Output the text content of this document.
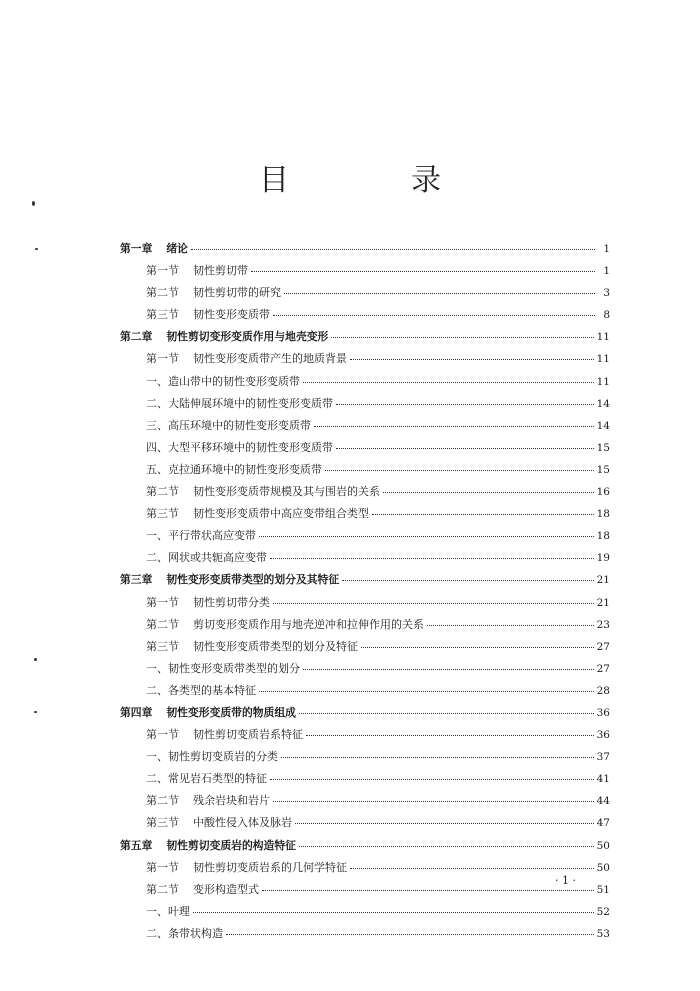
目　录
第一章 绪论	1
第一节 韧性剪切带	1
第二节 韧性剪切带的研究	3
第三节 韧性变形变质带	8
第二章 韧性剪切变形变质作用与地壳变形	11
第一节 韧性变形变质带产生的地质背景	11
一、造山带中的韧性变形变质带	11
二、大陆伸展环境中的韧性变形变质带	14
三、高压环境中的韧性变形变质带	14
四、大型平移环境中的韧性变形变质带	15
五、克拉通环境中的韧性变形变质带	15
第二节 韧性变形变质带规模及其与围岩的关系	16
第三节 韧性变形变质带中高应变带组合类型	18
一、平行带状高应变带	18
二、网状或共轭高应变带	19
第三章 韧性变形变质带类型的划分及其特征	21
第一节 韧性剪切带分类	21
第二节 剪切变形变质作用与地壳逆冲和拉伸作用的关系	23
第三节 韧性变形变质带类型的划分及特征	27
一、韧性变形变质带类型的划分	27
二、各类型的基本特征	28
第四章 韧性变形变质带的物质组成	36
第一节 韧性剪切变质岩系特征	36
一、韧性剪切变质岩的分类	37
二、常见岩石类型的特征	41
第二节 残余岩块和岩片	44
第三节 中酸性侵入体及脉岩	47
第五章 韧性剪切变质岩的构造特征	50
第一节 韧性剪切变质岩系的几何学特征	50
第二节 变形构造型式	51
一、叶理	52
二、条带状构造	53
· 1 ·
